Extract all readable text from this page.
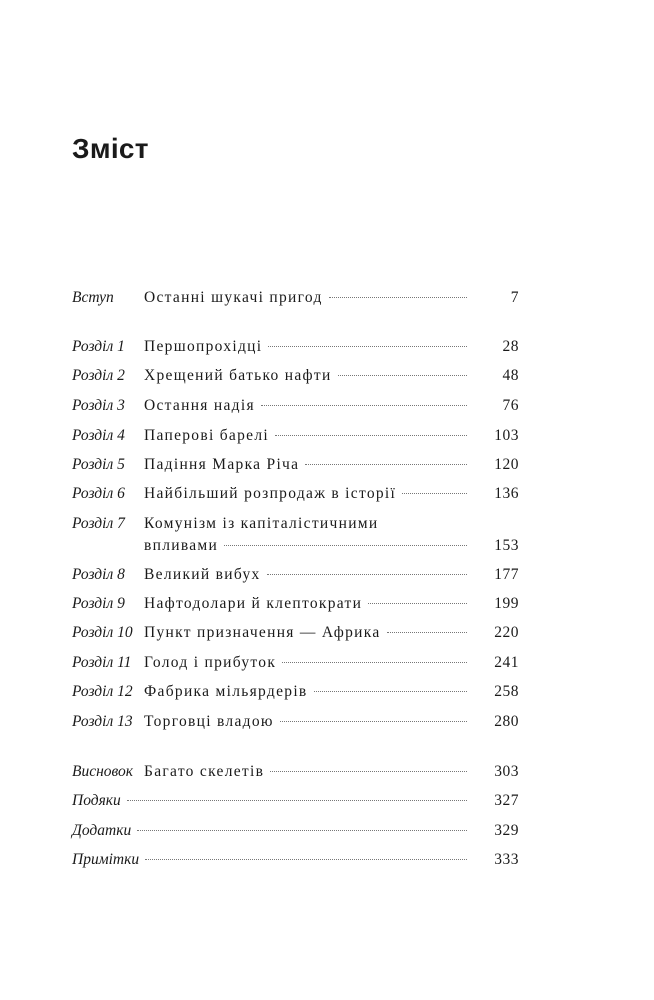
Зміст
Вступ Останні шукачі пригод	7
Розділ 1 Першопрохідці	28
Розділ 2 Хрещений батько нафти	48
Розділ 3 Остання надія	76
Розділ 4 Паперові барелі	103
Розділ 5 Падіння Марка Річа	120
Розділ 6 Найбільший розпродаж в історії	136
Розділ 7 Комунізм із капіталістичними
впливами	153
Розділ 8 Великий вибух	177
Розділ 9 Нафтодолари й клептократи	199
Розділ 10 Пункт призначення — Африка	220
Розділ 11 Голод і прибуток	241
Розділ 12 Фабрика мільярдерів	258
Розділ 13 Торговці владою	280
Висновок Багато скелетів	303
Подяки	327
Додатки	329
Примітки	333
